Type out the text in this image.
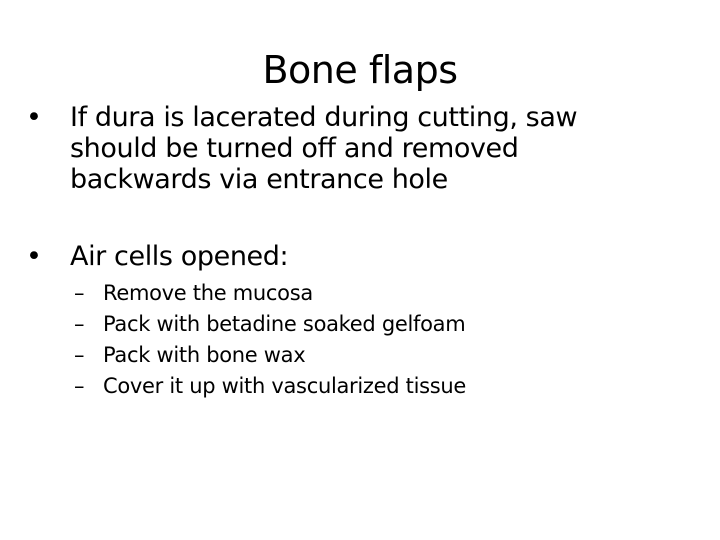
Bone flaps
• If dura is lacerated during cutting, saw should be turned off and removed backwards via entrance hole
• Air cells opened:
– Remove the mucosa
– Pack with betadine soaked gelfoam
– Pack with bone wax
– Cover it up with vascularized tissue
